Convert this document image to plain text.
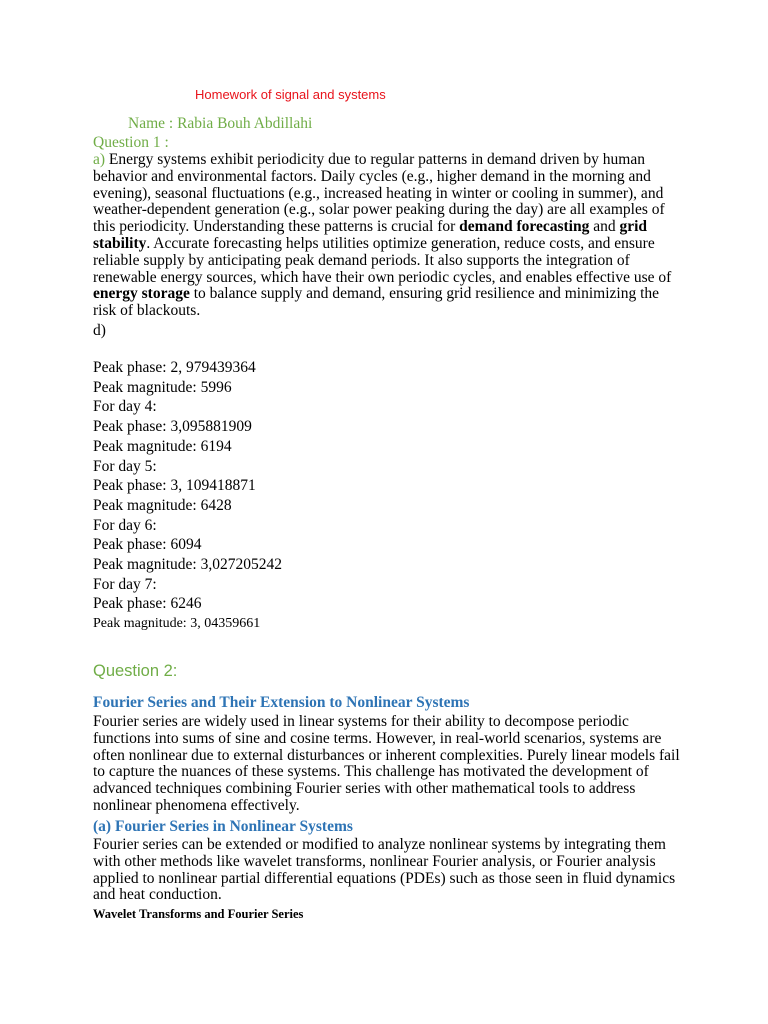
Homework of signal and systems
Name : Rabia Bouh Abdillahi
Question 1 :
a) Energy systems exhibit periodicity due to regular patterns in demand driven by human behavior and environmental factors. Daily cycles (e.g., higher demand in the morning and evening), seasonal fluctuations (e.g., increased heating in winter or cooling in summer), and weather-dependent generation (e.g., solar power peaking during the day) are all examples of this periodicity. Understanding these patterns is crucial for demand forecasting and grid stability. Accurate forecasting helps utilities optimize generation, reduce costs, and ensure reliable supply by anticipating peak demand periods. It also supports the integration of renewable energy sources, which have their own periodic cycles, and enables effective use of energy storage to balance supply and demand, ensuring grid resilience and minimizing the risk of blackouts.
d)
Peak phase: 2, 979439364
Peak magnitude: 5996
For day 4:
Peak phase: 3,095881909
Peak magnitude: 6194
For day 5:
Peak phase: 3, 109418871
Peak magnitude: 6428
For day 6:
Peak phase: 6094
Peak magnitude: 3,027205242
For day 7:
Peak phase: 6246
Peak magnitude: 3, 04359661
Question 2:
Fourier Series and Their Extension to Nonlinear Systems
Fourier series are widely used in linear systems for their ability to decompose periodic functions into sums of sine and cosine terms. However, in real-world scenarios, systems are often nonlinear due to external disturbances or inherent complexities. Purely linear models fail to capture the nuances of these systems. This challenge has motivated the development of advanced techniques combining Fourier series with other mathematical tools to address nonlinear phenomena effectively.
(a) Fourier Series in Nonlinear Systems
Fourier series can be extended or modified to analyze nonlinear systems by integrating them with other methods like wavelet transforms, nonlinear Fourier analysis, or Fourier analysis applied to nonlinear partial differential equations (PDEs) such as those seen in fluid dynamics and heat conduction.
Wavelet Transforms and Fourier Series
